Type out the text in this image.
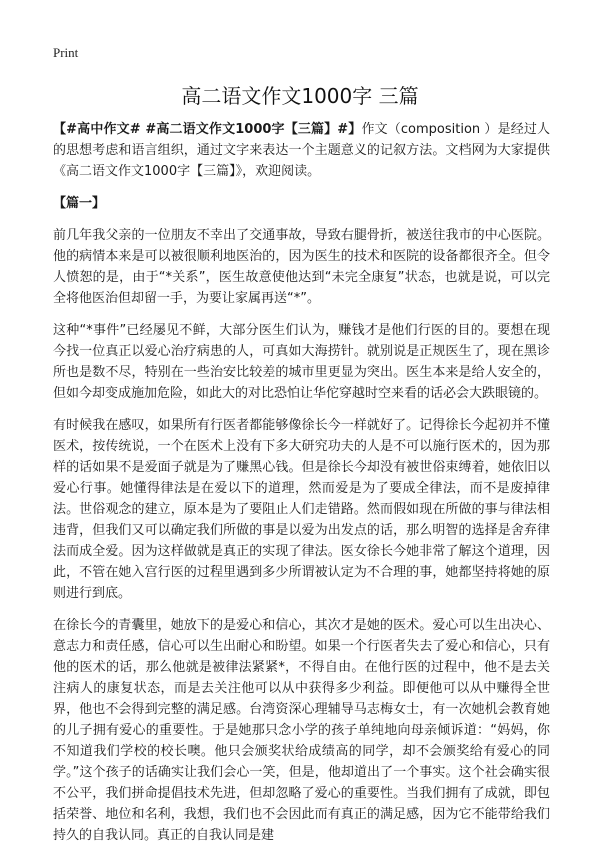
Print
高二语文作文1000字 三篇

【#高中作文# #高二语文作文1000字【三篇】#】作文（composition ）是经过人的思想考虑和语言组织，通过文字来表达一个主题意义的记叙方法。文档网为大家提供《高二语文作文1000字【三篇】》，欢迎阅读。

【篇一】

前几年我父亲的一位朋友不幸出了交通事故，导致右腿骨折，被送往我市的中心医院。他的病情本来是可以被很顺利地医治的，因为医生的技术和医院的设备都很齐全。但令人愤恕的是，由于“*关系”，医生故意使他达到“未完全康复”状态，也就是说，可以完全将他医治但却留一手，为要让家属再送“*”。

这种“*事件”已经屡见不鲜，大部分医生们认为，赚钱才是他们行医的目的。要想在现今找一位真正以爱心治疗病患的人，可真如大海捞针。就别说是正规医生了，现在黑诊所也是数不尽，特别在一些治安比较差的城市里更显为突出。医生本来是给人安全的，但如今却变成施加危险，如此大的对比恐怕让华佗穿越时空来看的话必会大跌眼镜的。

有时候我在感叹，如果所有行医者都能够像徐长今一样就好了。记得徐长今起初并不懂医术，按传统说，一个在医术上没有下多大研究功夫的人是不可以施行医术的，因为那样的话如果不是爱面子就是为了赚黑心钱。但是徐长今却没有被世俗束缚着，她依旧以爱心行事。她懂得律法是在爱以下的道理，然而爱是为了要成全律法，而不是废掉律法。世俗观念的建立，原本是为了要阻止人们走错路。然而假如现在所做的事与律法相违背，但我们又可以确定我们所做的事是以爱为出发点的话，那么明智的选择是舍弃律法而成全爱。因为这样做就是真正的实现了律法。医女徐长今她非常了解这个道理，因此，不管在她入宫行医的过程里遇到多少所谓被认定为不合理的事，她都坚持将她的原则进行到底。

在徐长今的青囊里，她放下的是爱心和信心，其次才是她的医术。爱心可以生出决心、意志力和责任感，信心可以生出耐心和盼望。如果一个行医者失去了爱心和信心，只有他的医术的话，那么他就是被律法紧紧*，不得自由。在他行医的过程中，他不是去关注病人的康复状态，而是去关注他可以从中获得多少利益。即便他可以从中赚得全世界，他也不会得到完整的满足感。台湾资深心理辅导马志梅女士，有一次她机会教育她的儿子拥有爱心的重要性。于是她那只念小学的孩子单纯地向母亲倾诉道：“妈妈，你不知道我们学校的校长噢。他只会颁奖状给成绩高的同学，却不会颁奖给有爱心的同学。”这个孩子的话确实让我们会心一笑，但是，他却道出了一个事实。这个社会确实很不公平，我们拼命提倡技术先进，但却忽略了爱心的重要性。当我们拥有了成就，即包括荣誉、地位和名利，我想，我们也不会因此而有真正的满足感，因为它不能带给我们持久的自我认同。真正的自我认同是建
